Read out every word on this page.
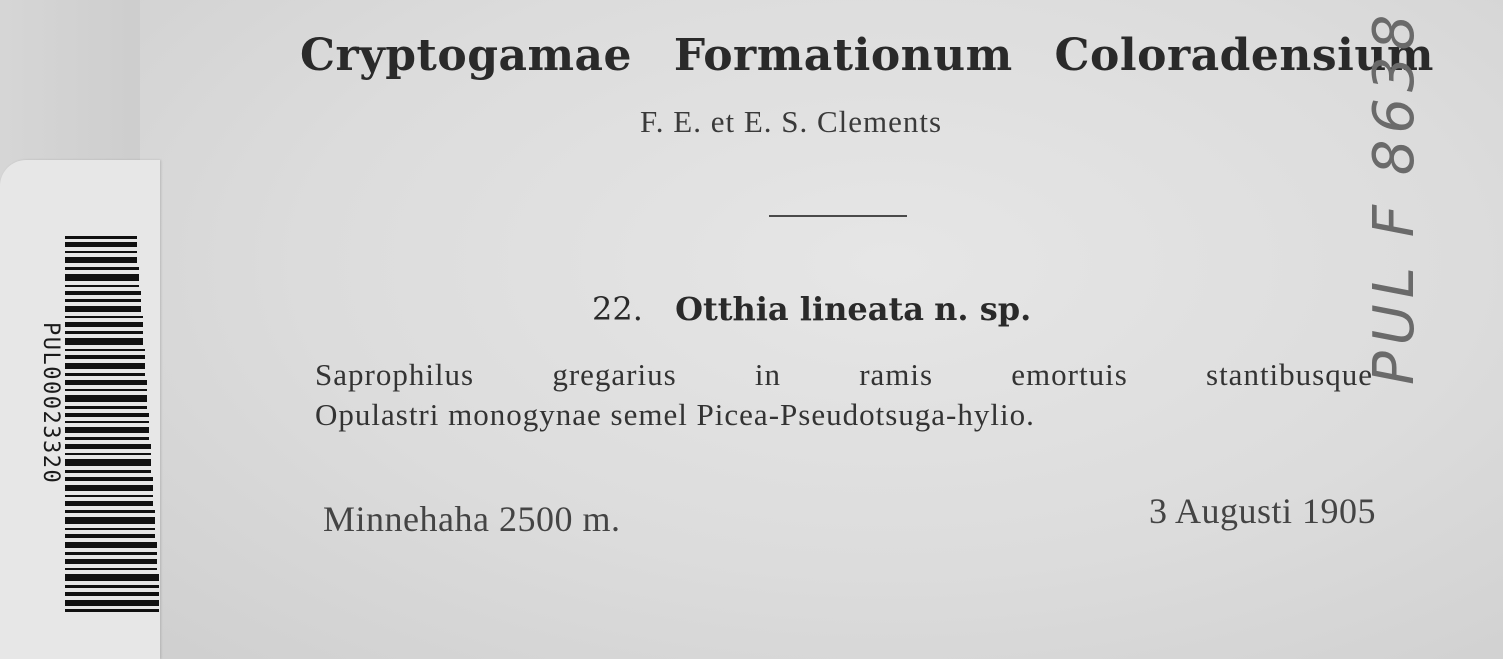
PUL00023320
Cryptogamae Formationum Coloradensium
F. E. et E. S. Clements
22. Otthia lineata n. sp.
Saprophilus gregarius in ramis emortuis stantibusque
Opulastri monogynae semel Picea-Pseudotsuga-hylio.
Minnehaha 2500 m.	3 Augusti 1905
PUL F 8638
